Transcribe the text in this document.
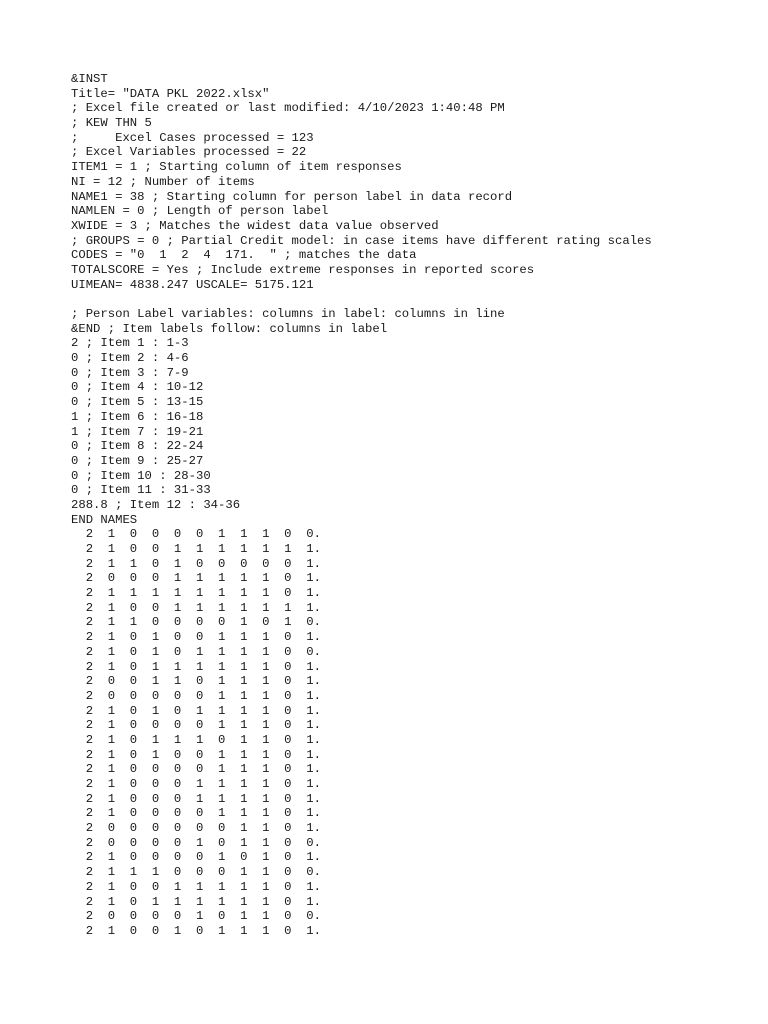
&INST
Title= "DATA PKL 2022.xlsx"
; Excel file created or last modified: 4/10/2023 1:40:48 PM
; KEW THN 5
;     Excel Cases processed = 123
; Excel Variables processed = 22
ITEM1 = 1 ; Starting column of item responses
NI = 12 ; Number of items
NAME1 = 38 ; Starting column for person label in data record
NAMLEN = 0 ; Length of person label
XWIDE = 3 ; Matches the widest data value observed
; GROUPS = 0 ; Partial Credit model: in case items have different rating scales
CODES = "0  1  2  4  171.  " ; matches the data
TOTALSCORE = Yes ; Include extreme responses in reported scores
UIMEAN= 4838.247 USCALE= 5175.121
; Person Label variables: columns in label: columns in line
&END ; Item labels follow: columns in label
2 ; Item 1 : 1-3
0 ; Item 2 : 4-6
0 ; Item 3 : 7-9
0 ; Item 4 : 10-12
0 ; Item 5 : 13-15
1 ; Item 6 : 16-18
1 ; Item 7 : 19-21
0 ; Item 8 : 22-24
0 ; Item 9 : 25-27
0 ; Item 10 : 28-30
0 ; Item 11 : 31-33
288.8 ; Item 12 : 34-36
END NAMES
2  1  0  0  0  0  1  1  1  0  0.
2  1  0  0  1  1  1  1  1  1  1.
2  1  1  0  1  0  0  0  0  0  1.
2  0  0  0  1  1  1  1  1  0  1.
2  1  1  1  1  1  1  1  1  0  1.
2  1  0  0  1  1  1  1  1  1  1.
2  1  1  0  0  0  0  1  0  1  0.
2  1  0  1  0  0  1  1  1  0  1.
2  1  0  1  0  1  1  1  1  0  0.
2  1  0  1  1  1  1  1  1  0  1.
2  0  0  1  1  0  1  1  1  0  1.
2  0  0  0  0  0  1  1  1  0  1.
2  1  0  1  0  1  1  1  1  0  1.
2  1  0  0  0  0  1  1  1  0  1.
2  1  0  1  1  1  0  1  1  0  1.
2  1  0  1  0  0  1  1  1  0  1.
2  1  0  0  0  0  1  1  1  0  1.
2  1  0  0  0  1  1  1  1  0  1.
2  1  0  0  0  1  1  1  1  0  1.
2  1  0  0  0  0  1  1  1  0  1.
2  0  0  0  0  0  0  1  1  0  1.
2  0  0  0  0  1  0  1  1  0  0.
2  1  0  0  0  0  1  0  1  0  1.
2  1  1  1  0  0  0  1  1  0  0.
2  1  0  0  1  1  1  1  1  0  1.
2  1  0  1  1  1  1  1  1  0  1.
2  0  0  0  0  1  0  1  1  0  0.
2  1  0  0  1  0  1  1  1  0  1.
